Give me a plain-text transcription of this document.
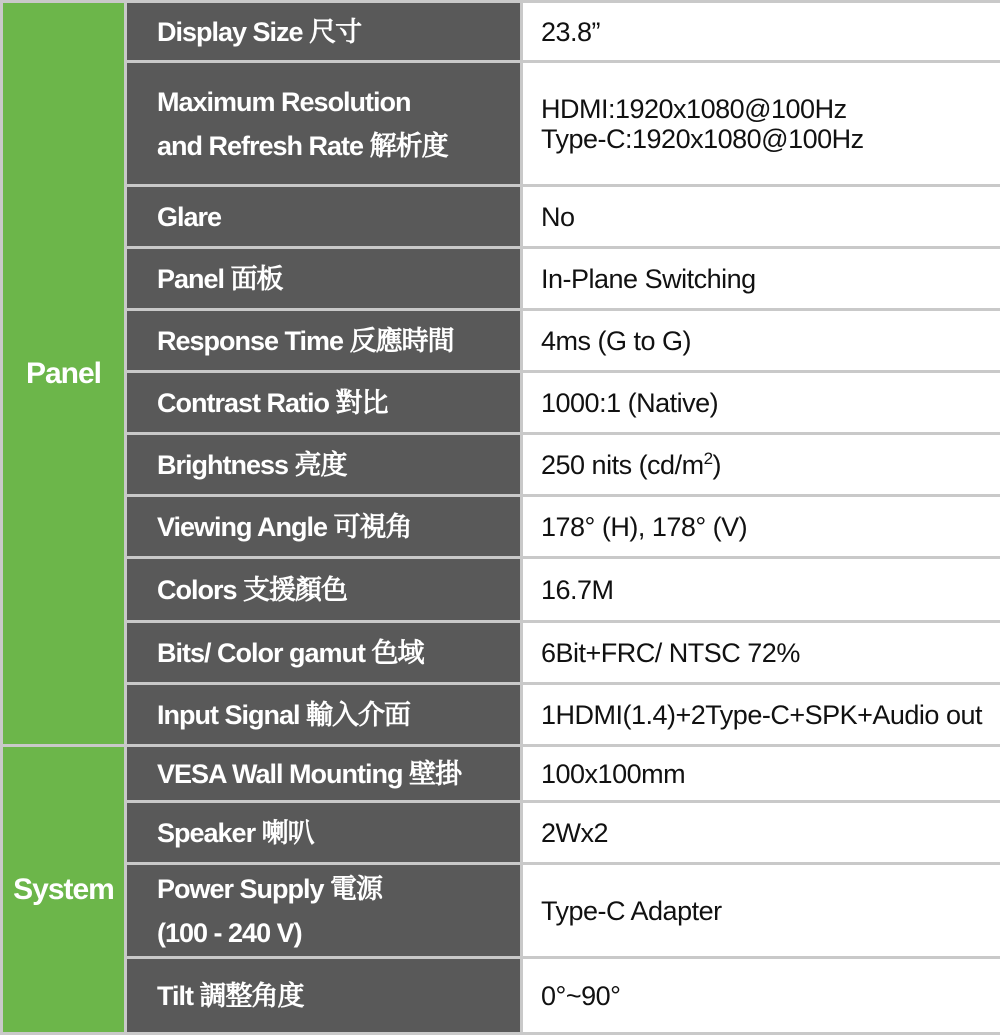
Panel	Display Size 尺寸	23.8”

	Maximum Resolution
and Refresh Rate 解析度	HDMI:1920x1080@100Hz
Type-C:1920x1080@100Hz

	Glare	No
	Panel 面板	In-Plane Switching
	Response Time 反應時間	4ms (G to G)
	Contrast Ratio 對比	1000:1 (Native)
	Brightness 亮度	250 nits $(cd/m^2)$
	Viewing Angle 可視角	178° (H), 178° (V)
	Colors 支援顏色	16.7M
	Bits/ Color gamut 色域	6Bit+FRC/ NTSC 72%
	Input Signal 輸入介面	1HDMI(1.4)+2Type-C+SPK+Audio out
System	VESA Wall Mounting 壁掛	100x100mm
	Speaker 喇叭	2Wx2

	Power Supply 電源
(100 - 240 V)	Type-C Adapter
	Tilt 調整角度	0°~90°
